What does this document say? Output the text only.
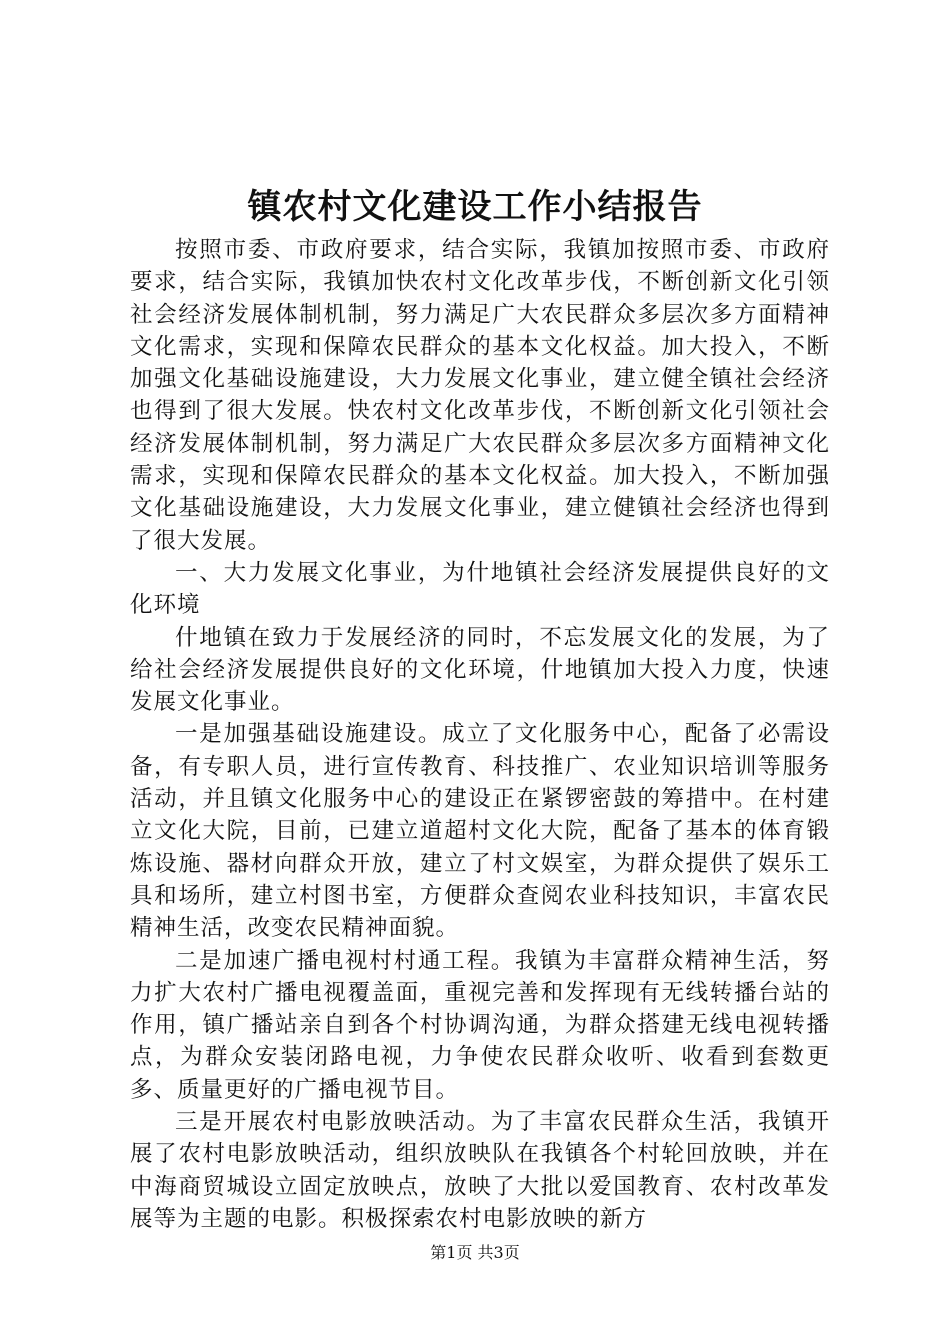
镇农村文化建设工作小结报告

按照市委、市政府要求，结合实际，我镇加按照市委、市政府要求，结合实际，我镇加快农村文化改革步伐，不断创新文化引领社会经济发展体制机制，努力满足广大农民群众多层次多方面精神文化需求，实现和保障农民群众的基本文化权益。加大投入，不断加强文化基础设施建设，大力发展文化事业，建立健全镇社会经济也得到了很大发展。快农村文化改革步伐，不断创新文化引领社会经济发展体制机制，努力满足广大农民群众多层次多方面精神文化需求，实现和保障农民群众的基本文化权益。加大投入，不断加强文化基础设施建设，大力发展文化事业，建立健镇社会经济也得到了很大发展。

一、大力发展文化事业，为什地镇社会经济发展提供良好的文化环境

什地镇在致力于发展经济的同时，不忘发展文化的发展，为了给社会经济发展提供良好的文化环境，什地镇加大投入力度，快速发展文化事业。

一是加强基础设施建设。成立了文化服务中心，配备了必需设备，有专职人员，进行宣传教育、科技推广、农业知识培训等服务活动，并且镇文化服务中心的建设正在紧锣密鼓的筹措中。在村建立文化大院，目前，已建立道超村文化大院，配备了基本的体育锻炼设施、器材向群众开放，建立了村文娱室，为群众提供了娱乐工具和场所，建立村图书室，方便群众查阅农业科技知识，丰富农民精神生活，改变农民精神面貌。

二是加速广播电视村村通工程。我镇为丰富群众精神生活，努力扩大农村广播电视覆盖面，重视完善和发挥现有无线转播台站的作用，镇广播站亲自到各个村协调沟通，为群众搭建无线电视转播点，为群众安装闭路电视，力争使农民群众收听、收看到套数更多、质量更好的广播电视节目。

三是开展农村电影放映活动。为了丰富农民群众生活，我镇开展了农村电影放映活动，组织放映队在我镇各个村轮回放映，并在中海商贸城设立固定放映点，放映了大批以爱国教育、农村改革发展等为主题的电影。积极探索农村电影放映的新方

第1页 共3页
